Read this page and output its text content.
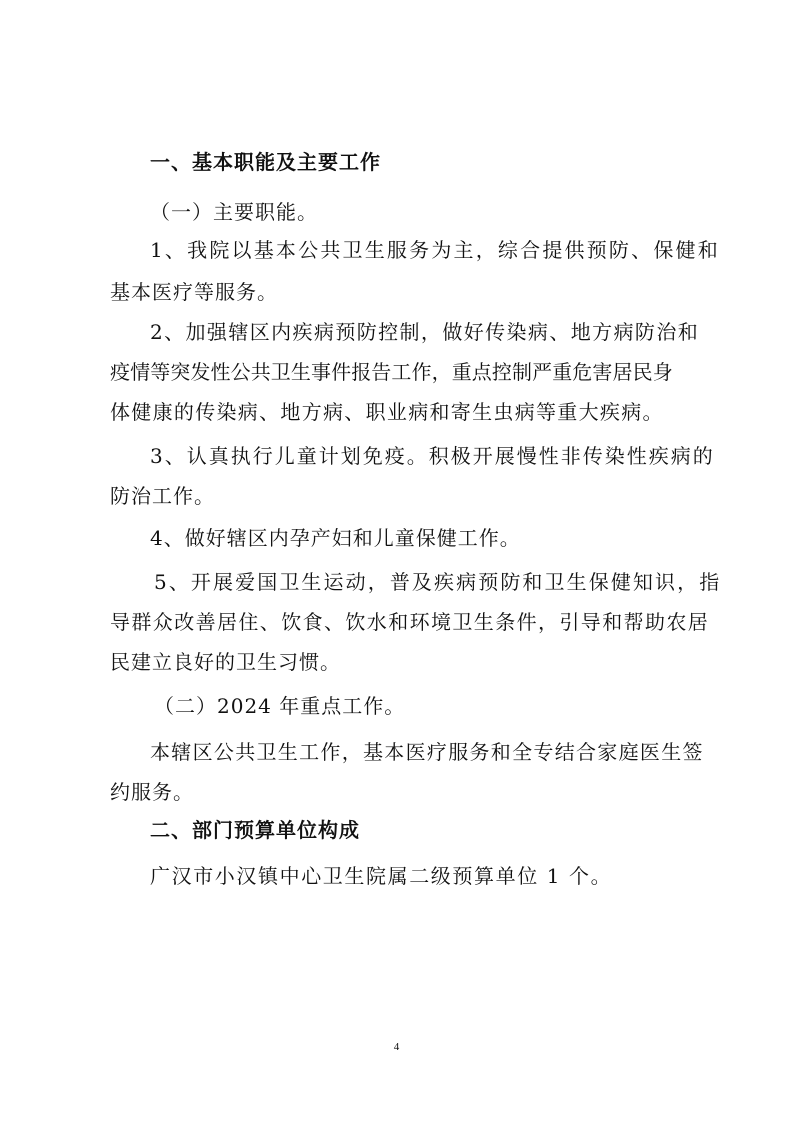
一、基本职能及主要工作
（一）主要职能。
1、我院以基本公共卫生服务为主，综合提供预防、保健和
基本医疗等服务。
2、加强辖区内疾病预防控制，做好传染病、地方病防治和
疫情等突发性公共卫生事件报告工作，重点控制严重危害居民身
体健康的传染病、地方病、职业病和寄生虫病等重大疾病。
3、认真执行儿童计划免疫。积极开展慢性非传染性疾病的
防治工作。
4、做好辖区内孕产妇和儿童保健工作。
5、开展爱国卫生运动，普及疾病预防和卫生保健知识，指
导群众改善居住、饮食、饮水和环境卫生条件，引导和帮助农居
民建立良好的卫生习惯。
（二）2024 年重点工作。
本辖区公共卫生工作，基本医疗服务和全专结合家庭医生签
约服务。
二、部门预算单位构成
广汉市小汉镇中心卫生院属二级预算单位 1 个。
4
